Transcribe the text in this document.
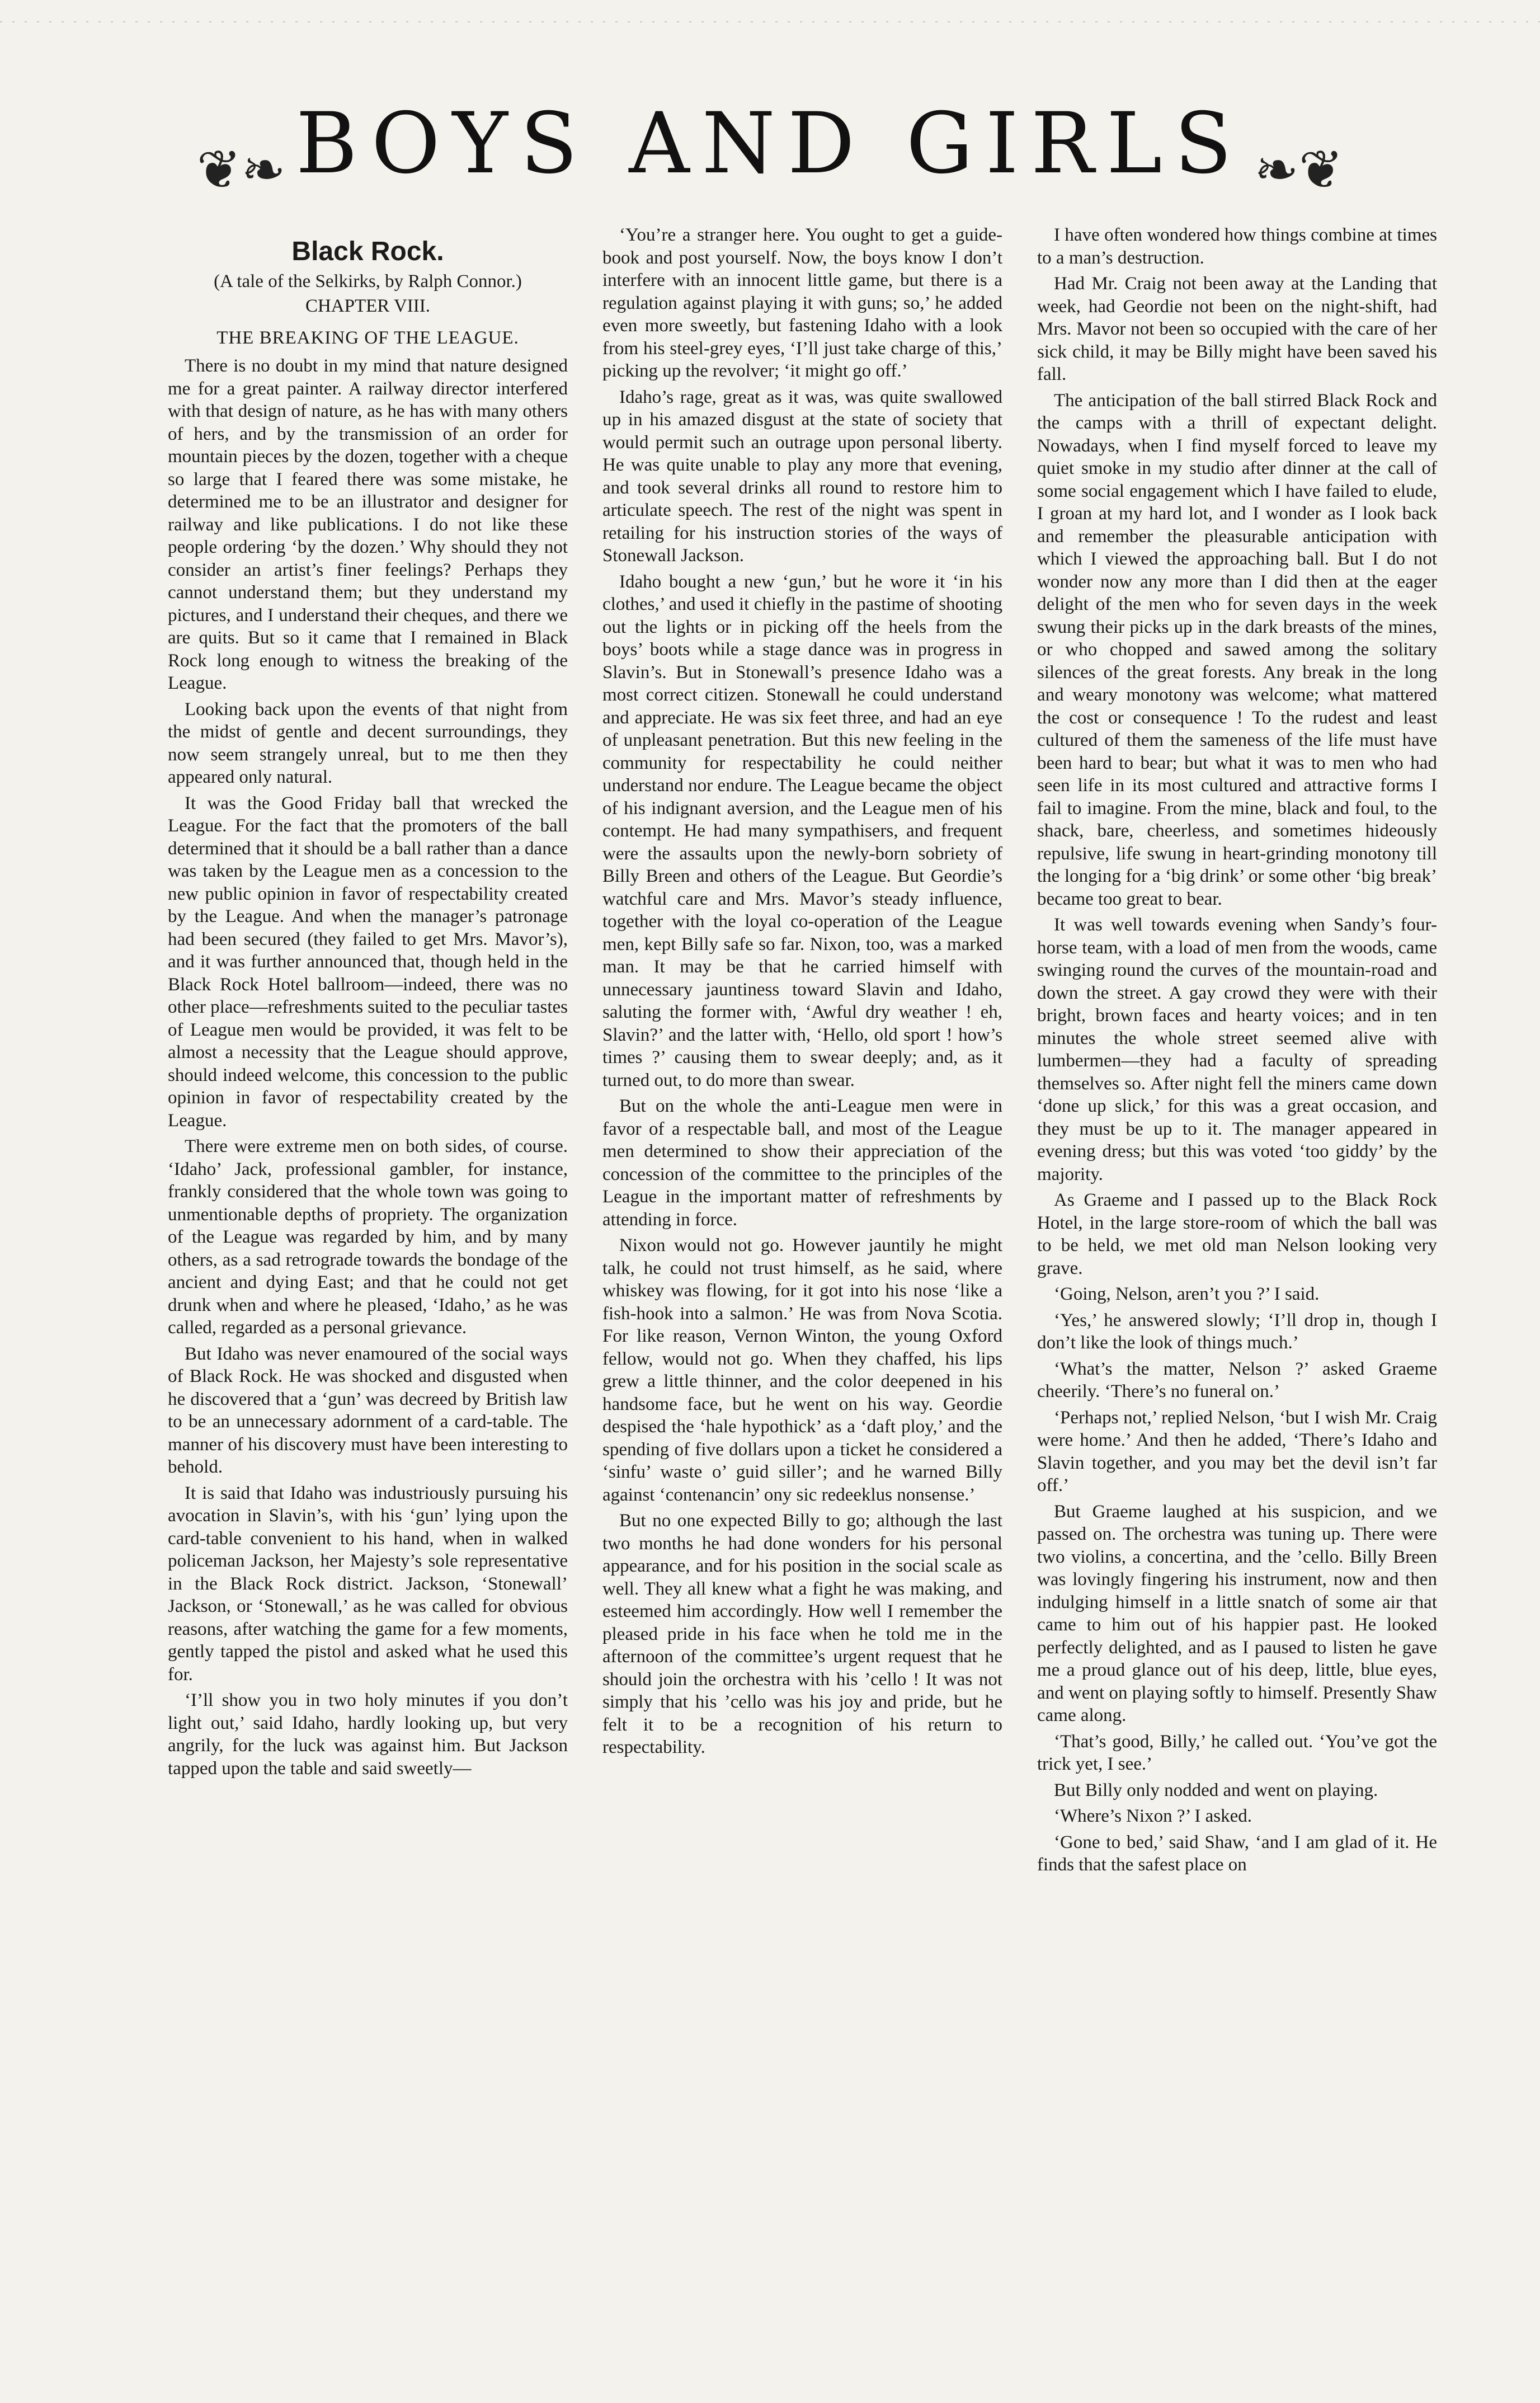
❦❧ BOYS AND GIRLS ❧❦
Black Rock.
(A tale of the Selkirks, by Ralph Connor.)
CHAPTER VIII.
THE BREAKING OF THE LEAGUE.

There is no doubt in my mind that nature designed me for a great painter. A railway director interfered with that design of nature, as he has with many others of hers, and by the transmission of an order for mountain pieces by the dozen, together with a cheque so large that I feared there was some mistake, he determined me to be an illustrator and designer for railway and like publications. I do not like these people ordering ‘by the dozen.’ Why should they not consider an artist’s finer feelings? Perhaps they cannot understand them; but they understand my pictures, and I understand their cheques, and there we are quits. But so it came that I remained in Black Rock long enough to witness the breaking of the League.

Looking back upon the events of that night from the midst of gentle and decent surroundings, they now seem strangely unreal, but to me then they appeared only natural.

It was the Good Friday ball that wrecked the League. For the fact that the promoters of the ball determined that it should be a ball rather than a dance was taken by the League men as a concession to the new public opinion in favor of respectability created by the League. And when the manager’s patronage had been secured (they failed to get Mrs. Mavor’s), and it was further announced that, though held in the Black Rock Hotel ballroom—indeed, there was no other place—refreshments suited to the peculiar tastes of League men would be provided, it was felt to be almost a necessity that the League should approve, should indeed welcome, this concession to the public opinion in favor of respectability created by the League.

There were extreme men on both sides, of course. ‘Idaho’ Jack, professional gambler, for instance, frankly considered that the whole town was going to unmentionable depths of propriety. The organization of the League was regarded by him, and by many others, as a sad retrograde towards the bondage of the ancient and dying East; and that he could not get drunk when and where he pleased, ‘Idaho,’ as he was called, regarded as a personal grievance.

But Idaho was never enamoured of the social ways of Black Rock. He was shocked and disgusted when he discovered that a ‘gun’ was decreed by British law to be an unnecessary adornment of a card-table. The manner of his discovery must have been interesting to behold.

It is said that Idaho was industriously pursuing his avocation in Slavin’s, with his ‘gun’ lying upon the card-table convenient to his hand, when in walked policeman Jackson, her Majesty’s sole representative in the Black Rock district. Jackson, ‘Stonewall’ Jackson, or ‘Stonewall,’ as he was called for obvious reasons, after watching the game for a few moments, gently tapped the pistol and asked what he used this for.

‘I’ll show you in two holy minutes if you don’t light out,’ said Idaho, hardly looking up, but very angrily, for the luck was against him. But Jackson tapped upon the table and said sweetly—

‘You’re a stranger here. You ought to get a guide-book and post yourself. Now, the boys know I don’t interfere with an innocent little game, but there is a regulation against playing it with guns; so,’ he added even more sweetly, but fastening Idaho with a look from his steel-grey eyes, ‘I’ll just take charge of this,’ picking up the revolver; ‘it might go off.’

Idaho’s rage, great as it was, was quite swallowed up in his amazed disgust at the state of society that would permit such an outrage upon personal liberty. He was quite unable to play any more that evening, and took several drinks all round to restore him to articulate speech. The rest of the night was spent in retailing for his instruction stories of the ways of Stonewall Jackson.

Idaho bought a new ‘gun,’ but he wore it ‘in his clothes,’ and used it chiefly in the pastime of shooting out the lights or in picking off the heels from the boys’ boots while a stage dance was in progress in Slavin’s. But in Stonewall’s presence Idaho was a most correct citizen. Stonewall he could understand and appreciate. He was six feet three, and had an eye of unpleasant penetration. But this new feeling in the community for respectability he could neither understand nor endure. The League became the object of his indignant aversion, and the League men of his contempt. He had many sympathisers, and frequent were the assaults upon the newly-born sobriety of Billy Breen and others of the League. But Geordie’s watchful care and Mrs. Mavor’s steady influence, together with the loyal co-operation of the League men, kept Billy safe so far. Nixon, too, was a marked man. It may be that he carried himself with unnecessary jauntiness toward Slavin and Idaho, saluting the former with, ‘Awful dry weather ! eh, Slavin?’ and the latter with, ‘Hello, old sport ! how’s times ?’ causing them to swear deeply; and, as it turned out, to do more than swear.

But on the whole the anti-League men were in favor of a respectable ball, and most of the League men determined to show their appreciation of the concession of the committee to the principles of the League in the important matter of refreshments by attending in force.

Nixon would not go. However jauntily he might talk, he could not trust himself, as he said, where whiskey was flowing, for it got into his nose ‘like a fish-hook into a salmon.’ He was from Nova Scotia. For like reason, Vernon Winton, the young Oxford fellow, would not go. When they chaffed, his lips grew a little thinner, and the color deepened in his handsome face, but he went on his way. Geordie despised the ‘hale hypothick’ as a ‘daft ploy,’ and the spending of five dollars upon a ticket he considered a ‘sinfu’ waste o’ guid siller’; and he warned Billy against ‘contenancin’ ony sic redeeklus nonsense.’

But no one expected Billy to go; although the last two months he had done wonders for his personal appearance, and for his position in the social scale as well. They all knew what a fight he was making, and esteemed him accordingly. How well I remember the pleased pride in his face when he told me in the afternoon of the committee’s urgent request that he should join the orchestra with his ’cello ! It was not simply that his ’cello was his joy and pride, but he felt it to be a recognition of his return to respectability.

I have often wondered how things combine at times to a man’s destruction.

Had Mr. Craig not been away at the Landing that week, had Geordie not been on the night-shift, had Mrs. Mavor not been so occupied with the care of her sick child, it may be Billy might have been saved his fall.

The anticipation of the ball stirred Black Rock and the camps with a thrill of expectant delight. Nowadays, when I find myself forced to leave my quiet smoke in my studio after dinner at the call of some social engagement which I have failed to elude, I groan at my hard lot, and I wonder as I look back and remember the pleasurable anticipation with which I viewed the approaching ball. But I do not wonder now any more than I did then at the eager delight of the men who for seven days in the week swung their picks up in the dark breasts of the mines, or who chopped and sawed among the solitary silences of the great forests. Any break in the long and weary monotony was welcome; what mattered the cost or consequence ! To the rudest and least cultured of them the sameness of the life must have been hard to bear; but what it was to men who had seen life in its most cultured and attractive forms I fail to imagine. From the mine, black and foul, to the shack, bare, cheerless, and sometimes hideously repulsive, life swung in heart-grinding monotony till the longing for a ‘big drink’ or some other ‘big break’ became too great to bear.

It was well towards evening when Sandy’s four-horse team, with a load of men from the woods, came swinging round the curves of the mountain-road and down the street. A gay crowd they were with their bright, brown faces and hearty voices; and in ten minutes the whole street seemed alive with lumbermen—they had a faculty of spreading themselves so. After night fell the miners came down ‘done up slick,’ for this was a great occasion, and they must be up to it. The manager appeared in evening dress; but this was voted ‘too giddy’ by the majority.

As Graeme and I passed up to the Black Rock Hotel, in the large store-room of which the ball was to be held, we met old man Nelson looking very grave.

‘Going, Nelson, aren’t you ?’ I said.

‘Yes,’ he answered slowly; ‘I’ll drop in, though I don’t like the look of things much.’

‘What’s the matter, Nelson ?’ asked Graeme cheerily. ‘There’s no funeral on.’

‘Perhaps not,’ replied Nelson, ‘but I wish Mr. Craig were home.’ And then he added, ‘There’s Idaho and Slavin together, and you may bet the devil isn’t far off.’

But Graeme laughed at his suspicion, and we passed on. The orchestra was tuning up. There were two violins, a concertina, and the ’cello. Billy Breen was lovingly fingering his instrument, now and then indulging himself in a little snatch of some air that came to him out of his happier past. He looked perfectly delighted, and as I paused to listen he gave me a proud glance out of his deep, little, blue eyes, and went on playing softly to himself. Presently Shaw came along.

‘That’s good, Billy,’ he called out. ‘You’ve got the trick yet, I see.’

But Billy only nodded and went on playing.

‘Where’s Nixon ?’ I asked.

‘Gone to bed,’ said Shaw, ‘and I am glad of it. He finds that the safest place on
